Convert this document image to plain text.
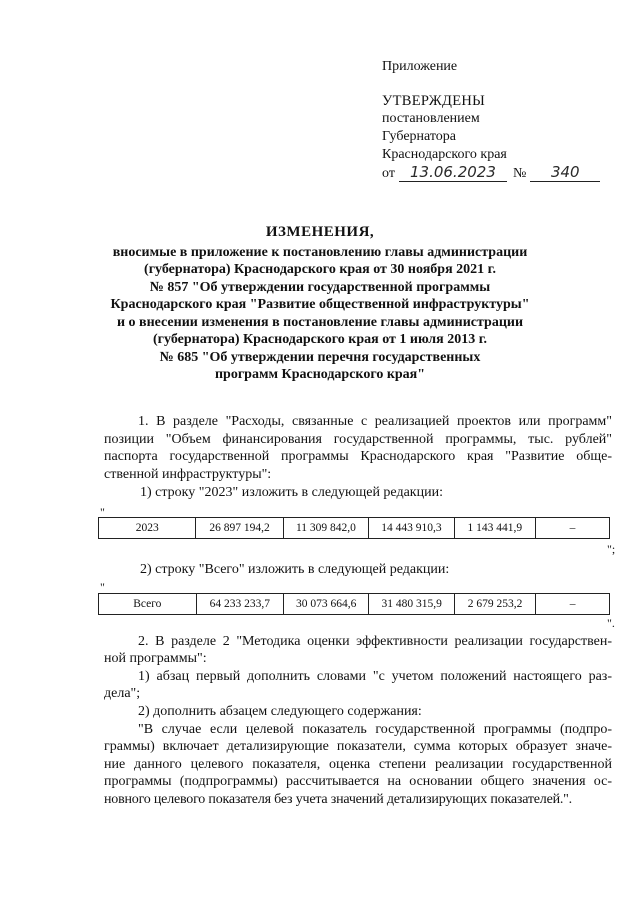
Приложение
УТВЕРЖДЕНЫ
постановлением
Губернатора
Краснодарского края
от	13.06.2023	№	340
ИЗМЕНЕНИЯ,
вносимые в приложение к постановлению главы администрации
(губернатора) Краснодарского края от 30 ноября 2021 г.
№ 857 "Об утверждении государственной программы
Краснодарского края "Развитие общественной инфраструктуры"
и о внесении изменения в постановление главы администрации
(губернатора) Краснодарского края от 1 июля 2013 г.
№ 685 "Об утверждении перечня государственных
программ Краснодарского края"
1. В разделе "Расходы, связанные с реализацией проектов или программ"
позиции "Объем финансирования государственной программы, тыс. рублей"
паспорта государственной программы Краснодарского края "Развитие обще-
ственной инфраструктуры":
1) строку "2023" изложить в следующей редакции:
"
2023	26 897 194,2	11 309 842,0	14 443 910,3	1 143 441,9	–
";
2) строку "Всего" изложить в следующей редакции:
"
Всего	64 233 233,7	30 073 664,6	31 480 315,9	2 679 253,2	–
".
2. В разделе 2 "Методика оценки эффективности реализации государствен-
ной программы":
1) абзац первый дополнить словами "с учетом положений настоящего раз-
дела";
2) дополнить абзацем следующего содержания:
"В случае если целевой показатель государственной программы (подпро-
граммы) включает детализирующие показатели, сумма которых образует значе-
ние данного целевого показателя, оценка степени реализации государственной
программы (подпрограммы) рассчитывается на основании общего значения ос-
новного целевого показателя без учета значений детализирующих показателей.".
